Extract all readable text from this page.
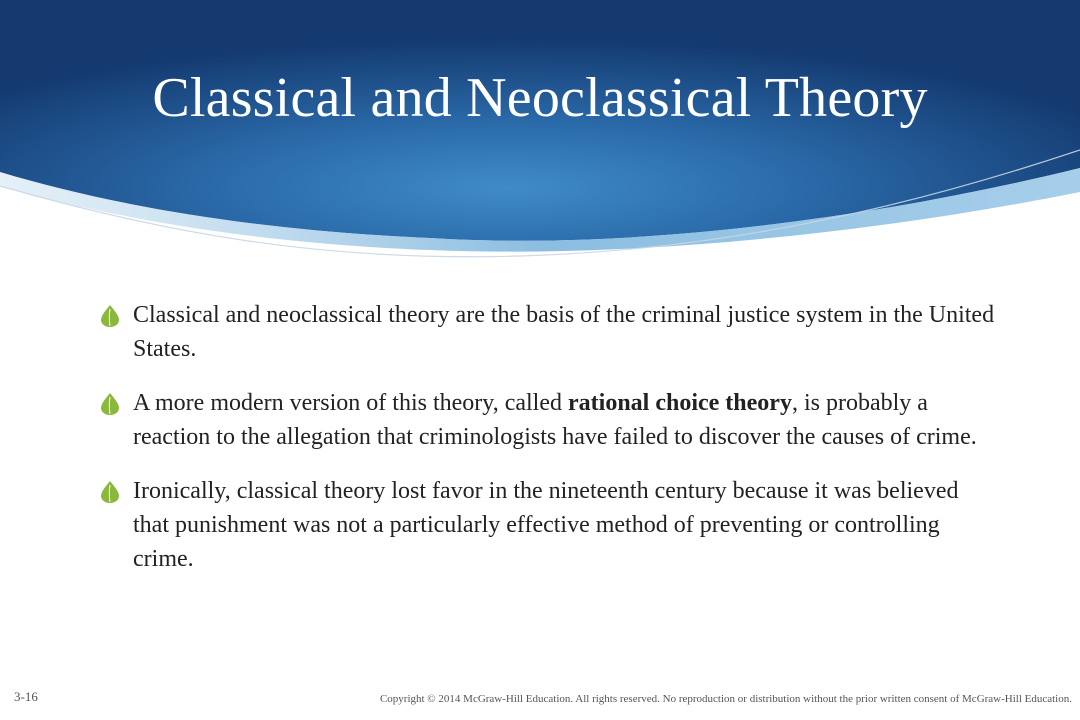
Classical and Neoclassical Theory
Classical and neoclassical theory are the basis of the criminal justice system in the United States.
A more modern version of this theory, called rational choice theory, is probably a reaction to the allegation that criminologists have failed to discover the causes of crime.
Ironically, classical theory lost favor in the nineteenth century because it was believed that punishment was not a particularly effective method of preventing or controlling crime.
3-16	Copyright © 2014 McGraw-Hill Education. All rights reserved. No reproduction or distribution without the prior written consent of McGraw-Hill Education.
